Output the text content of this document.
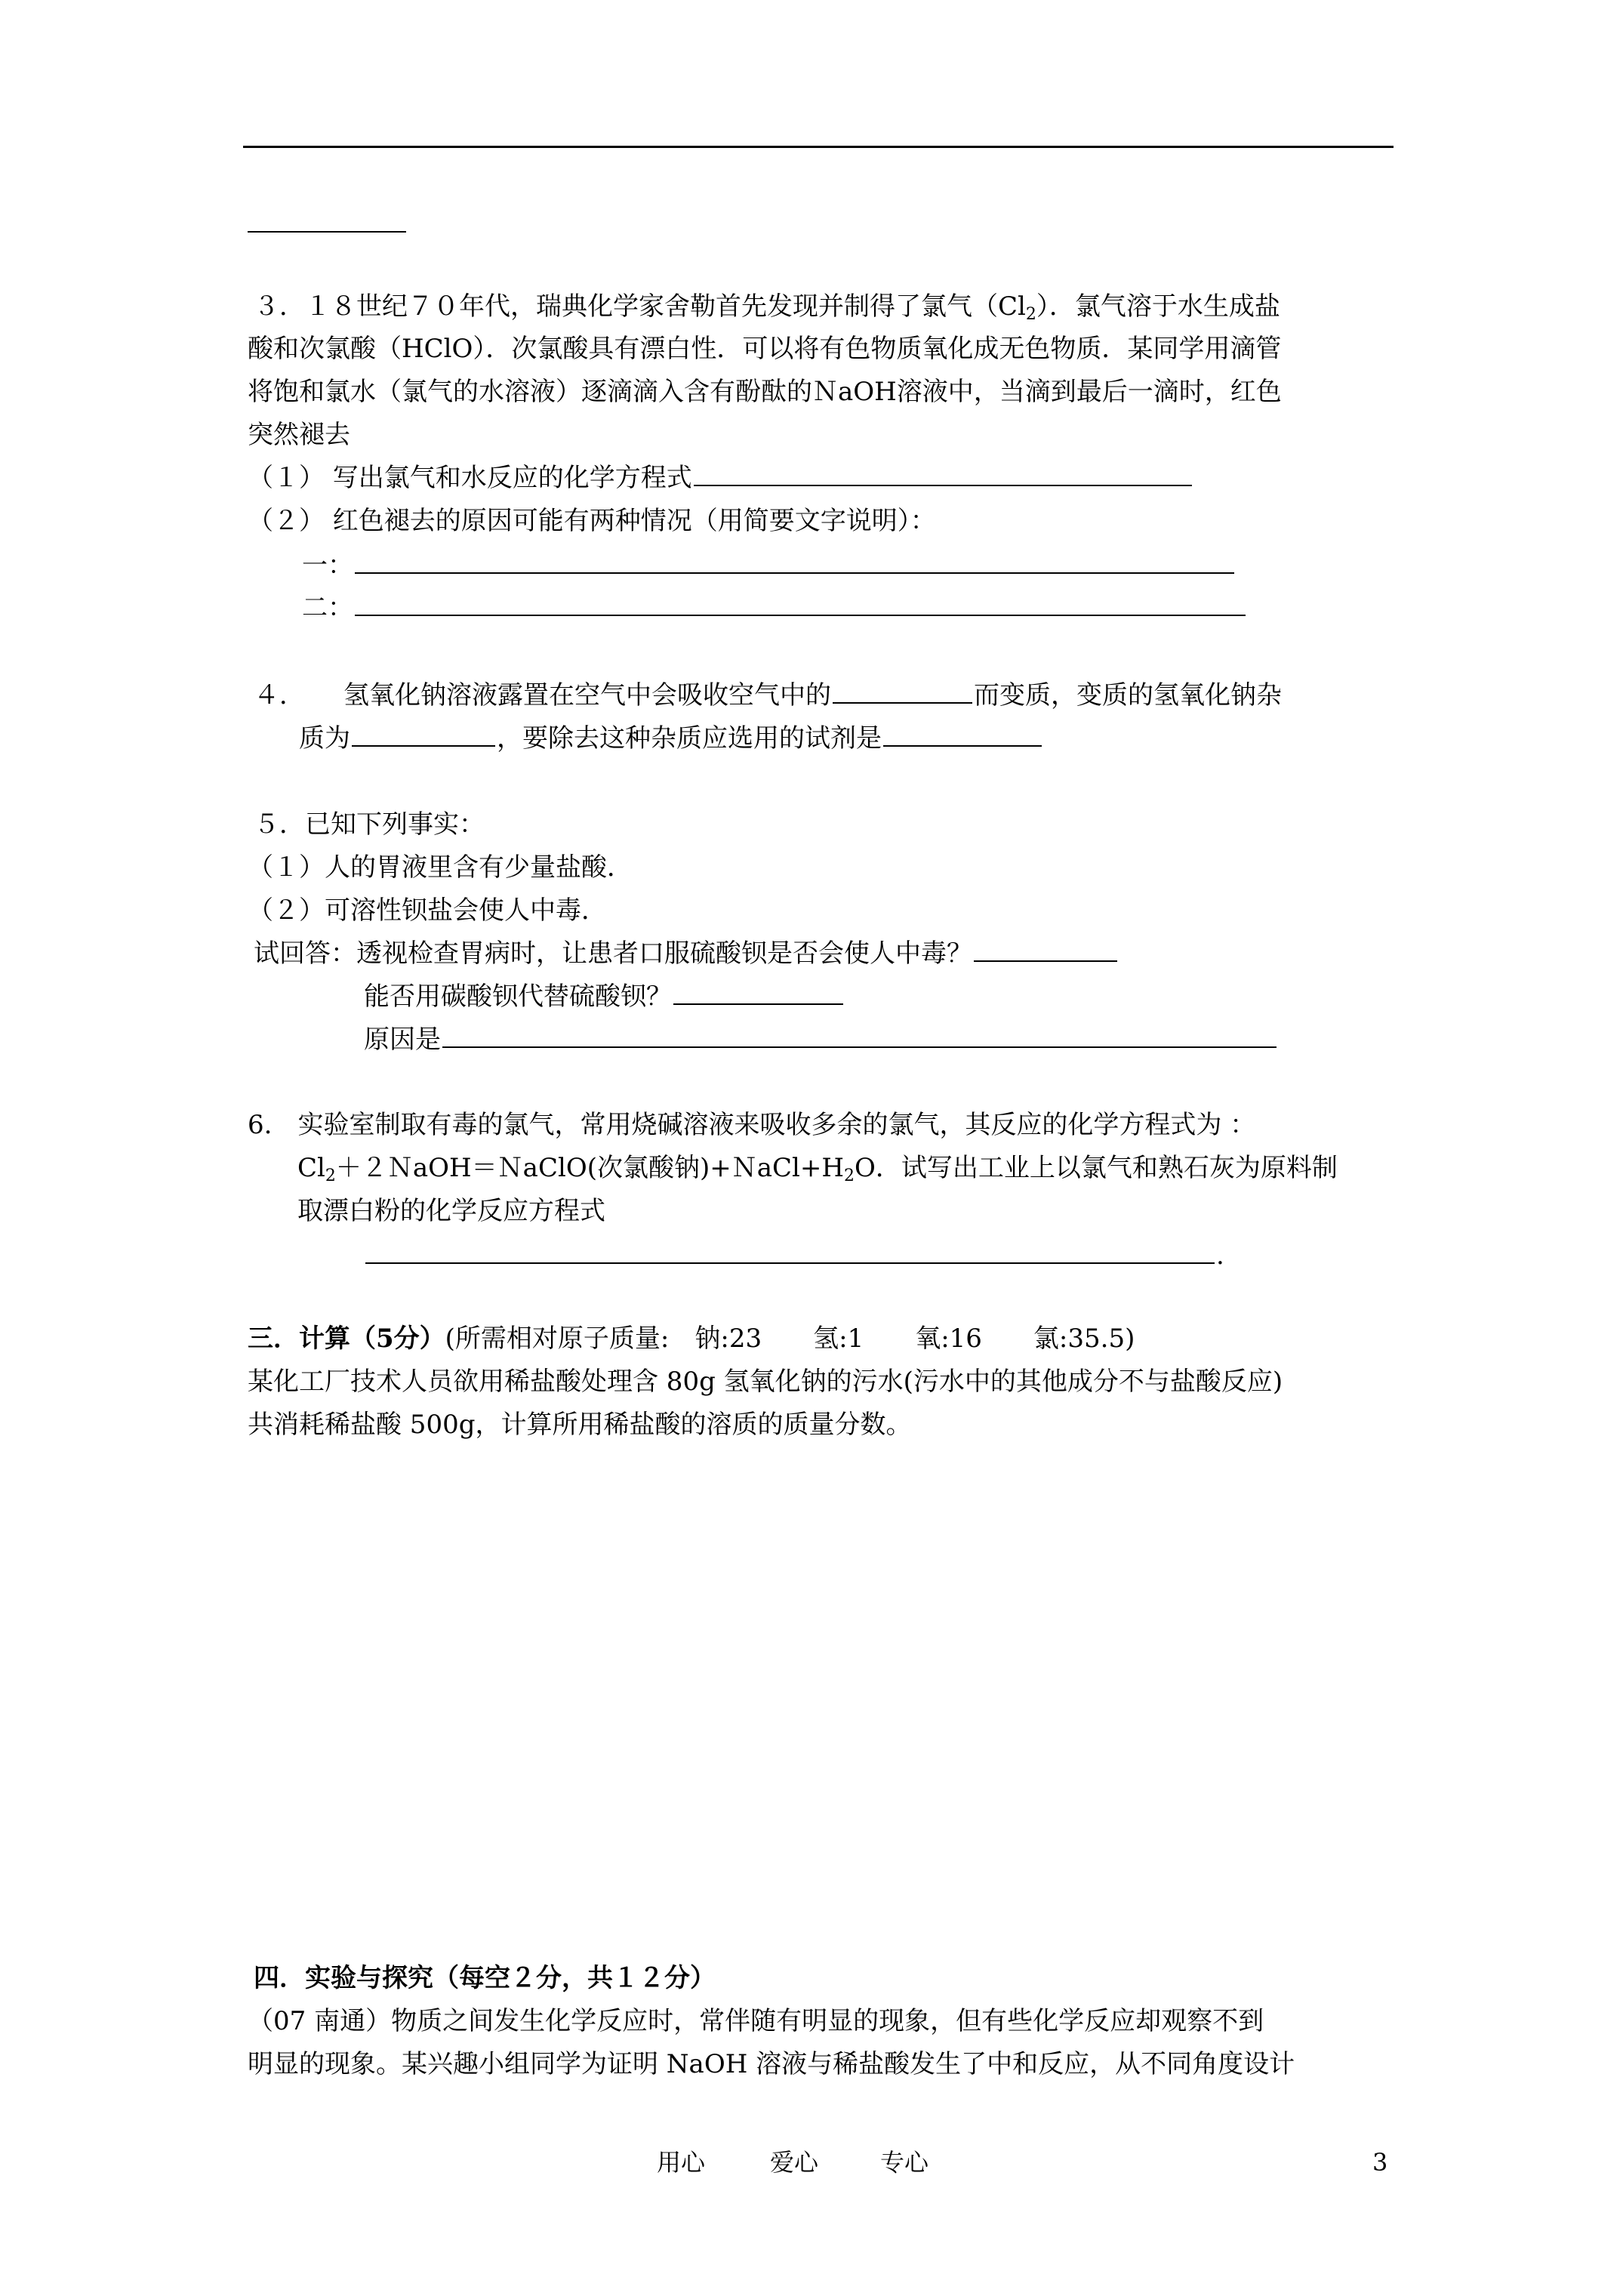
３．１８世纪７０年代，瑞典化学家舍勒首先发现并制得了氯气$(Cl_2)$．氯气溶于水生成盐
酸和次氯酸（HClO）．次氯酸具有漂白性．可以将有色物质氧化成无色物质．某同学用滴管
将饱和氯水（氯气的水溶液）逐滴滴入含有酚酞的ＮaOH溶液中，当滴到最后一滴时，红色
突然褪去
（１） 写出氯气和水反应的化学方程式
（２） 红色褪去的原因可能有两种情况（用简要文字说明）：
一：
二：
４．　　氢氧化钠溶液露置在空气中会吸收空气中的	而变质，变质的氢氧化钠杂
质为	，要除去这种杂质应选用的试剂是
５．已知下列事实：
（１）人的胃液里含有少量盐酸．
（２）可溶性钡盐会使人中毒．
试回答：透视检查胃病时，让患者口服硫酸钡是否会使人中毒？
能否用碳酸钡代替硫酸钡？
原因是
6.　实验室制取有毒的氯气，常用烧碱溶液来吸收多余的氯气，其反应的化学方程式为 ：
$Cl_2+2NaOH=NaClO$(次氯酸钠)$+NaCl+H_2O$．试写出工业上以氯气和熟石灰为原料制
取漂白粉的化学反应方程式
.
三．计算（5分）(所需相对原子质量:　钠:23　　氢:1　　氧:16　　氯:35.5)
某化工厂技术人员欲用稀盐酸处理含 80g 氢氧化钠的污水(污水中的其他成分不与盐酸反应)
共消耗稀盐酸 500g，计算所用稀盐酸的溶质的质量分数。
四．实验与探究（每空２分，共１２分）
（07 南通）物质之间发生化学反应时，常伴随有明显的现象，但有些化学反应却观察不到
明显的现象。某兴趣小组同学为证明 NaOH 溶液与稀盐酸发生了中和反应，从不同角度设计
用心	爱心	专心	3
